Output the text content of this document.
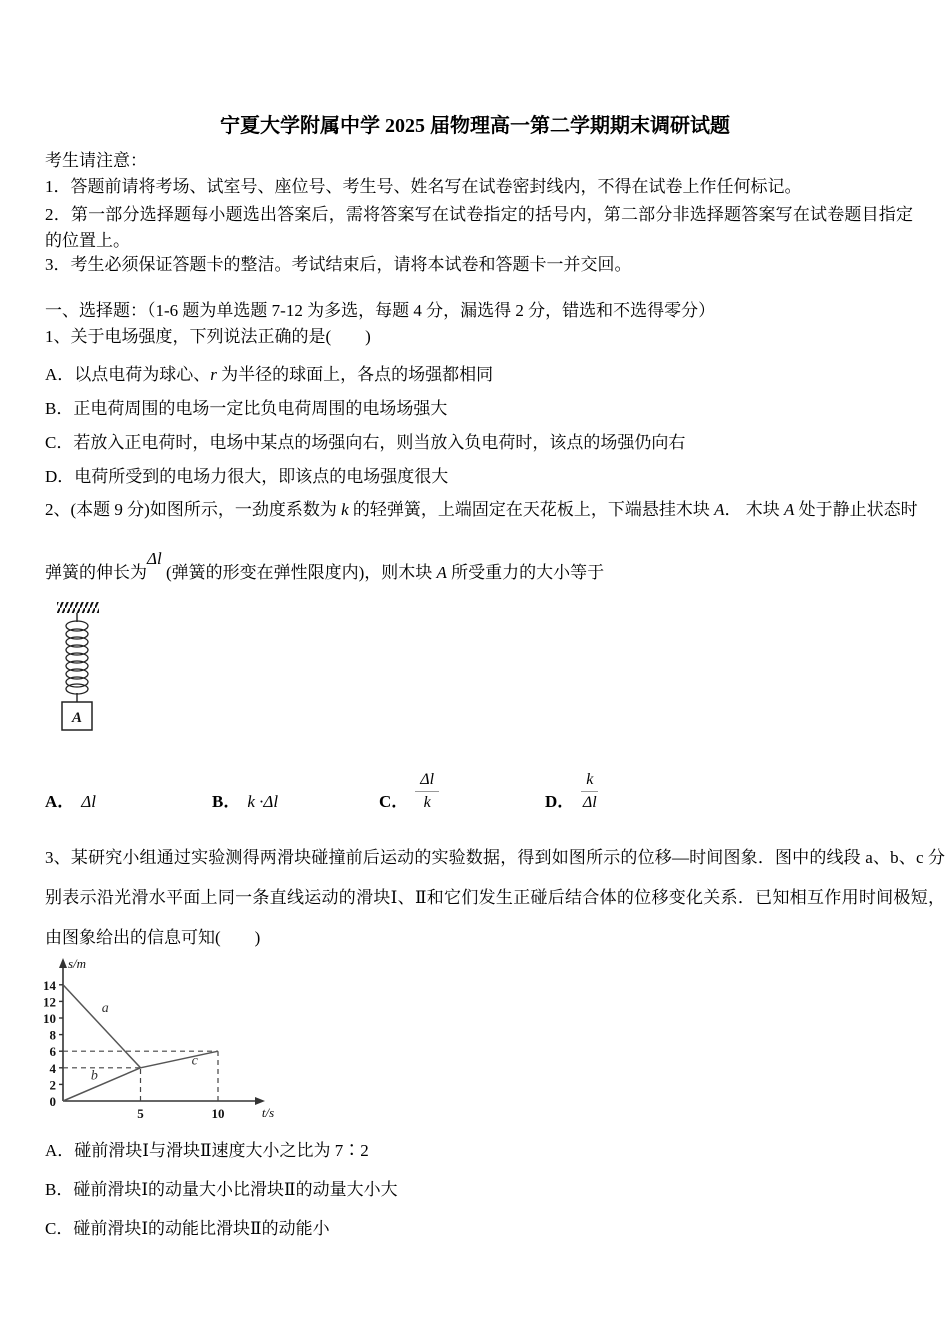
宁夏大学附属中学 2025 届物理高一第二学期期末调研试题
考生请注意：
1．答题前请将考场、试室号、座位号、考生号、姓名写在试卷密封线内，不得在试卷上作任何标记。
2．第一部分选择题每小题选出答案后，需将答案写在试卷指定的括号内，第二部分非选择题答案写在试卷题目指定的位置上。
3．考生必须保证答题卡的整洁。考试结束后，请将本试卷和答题卡一并交回。
一、选择题：（1-6 题为单选题 7-12 为多选，每题 4 分，漏选得 2 分，错选和不选得零分）
1、关于电场强度，下列说法正确的是(　　)
A．以点电荷为球心、r 为半径的球面上，各点的场强都相同
B．正电荷周围的电场一定比负电荷周围的电场场强大
C．若放入正电荷时，电场中某点的场强向右，则当放入负电荷时，该点的场强仍向右
D．电荷所受到的电场力很大，即该点的电场强度很大
2、(本题 9 分)如图所示，一劲度系数为 k 的轻弹簧，上端固定在天花板上，下端悬挂木块 A． 木块 A 处于静止状态时
弹簧的伸长为Δl (弹簧的形变在弹性限度内)，则木块 A 所受重力的大小等于
A
A． Δl	B． k ·Δl	C． $\frac{\Delta l}{k}$	D． $\frac{k}{\Delta l}$
3、某研究小组通过实验测得两滑块碰撞前后运动的实验数据，得到如图所示的位移—时间图象．图中的线段 a、b、c 分别表示沿光滑水平面上同一条直线运动的滑块Ⅰ、Ⅱ和它们发生正碰后结合体的位移变化关系．已知相互作用时间极短，由图象给出的信息可知(　　)
0
2
4
6
8
10
12
14
5	10
s/m
t/s
a
b
c
A．碰前滑块Ⅰ与滑块Ⅱ速度大小之比为 7∶2
B．碰前滑块Ⅰ的动量大小比滑块Ⅱ的动量大小大
C．碰前滑块Ⅰ的动能比滑块Ⅱ的动能小
